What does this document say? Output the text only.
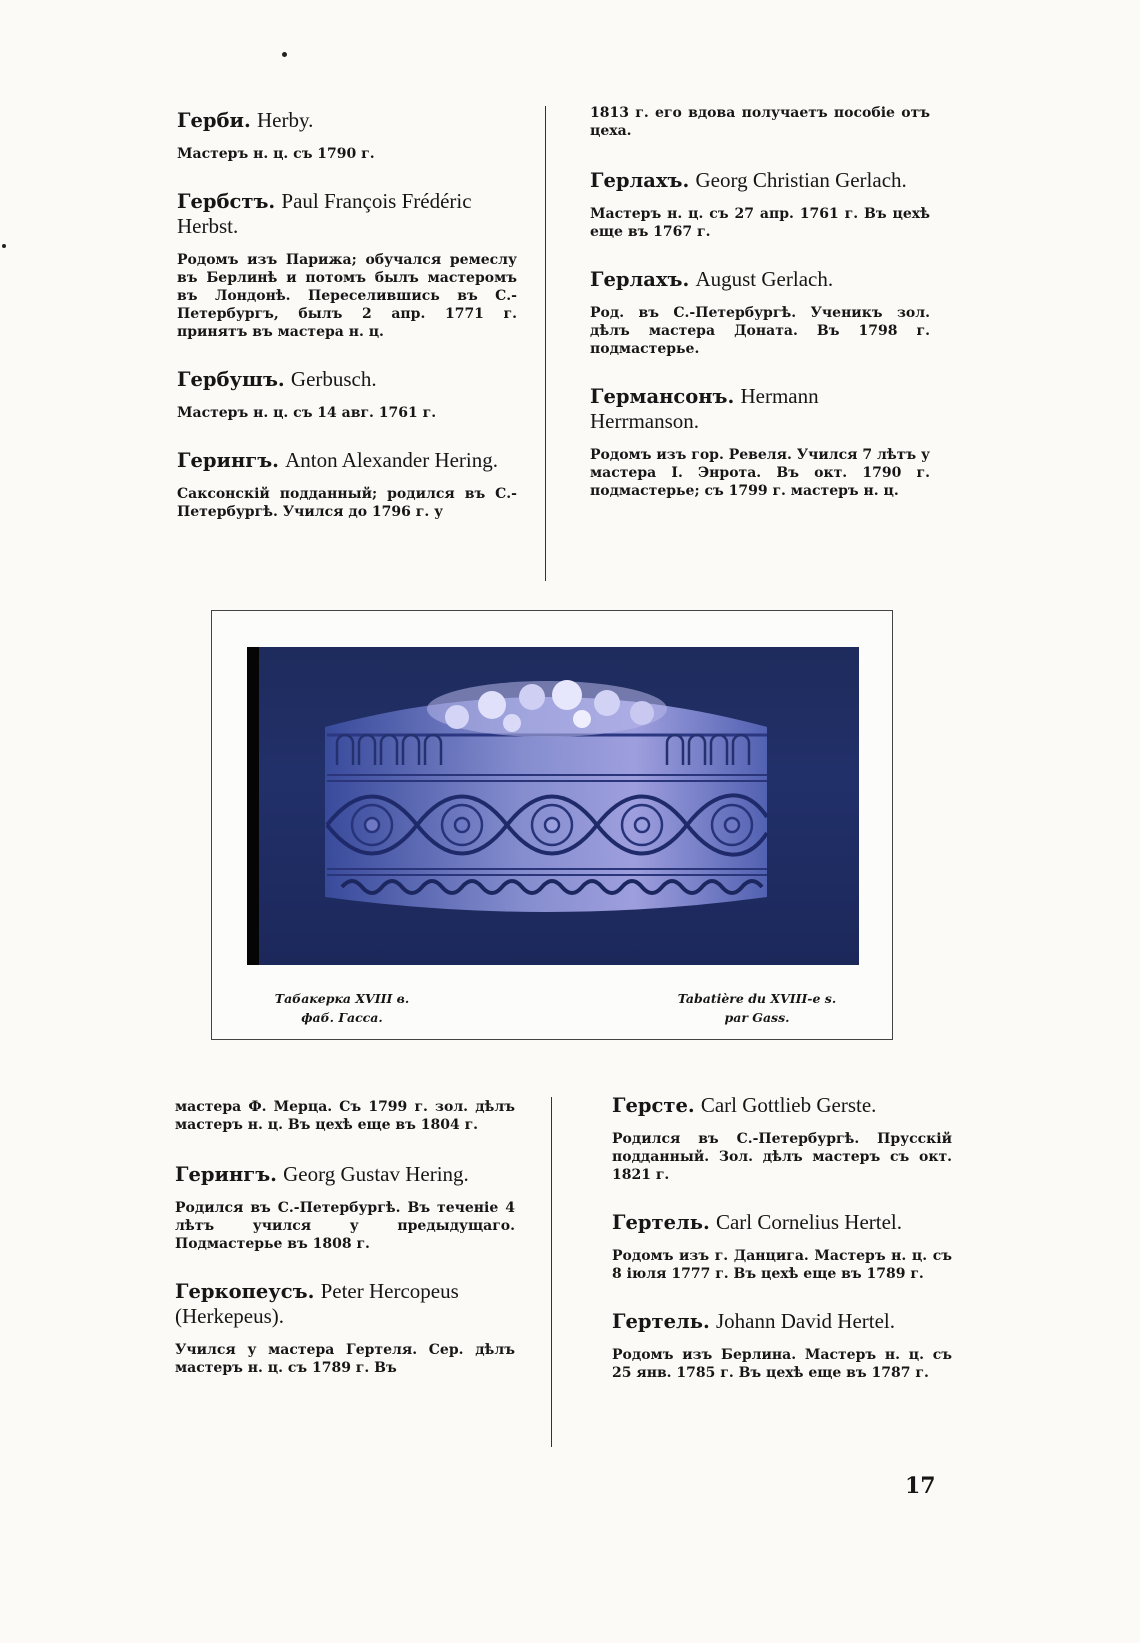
Герби. Herby.

Мастеръ н. ц. съ 1790 г.

Гербстъ. Paul François Frédéric Herbst.

Родомъ изъ Парижа; обучался ремеслу въ Берлинѣ и потомъ былъ мастеромъ въ Лондонѣ. Переселившись въ С.-Петербургъ, былъ 2 апр. 1771 г. принятъ въ мастера н. ц.

Гербушъ. Gerbusch.

Мастеръ н. ц. съ 14 авг. 1761 г.

Герингъ. Anton Alexander Hering.

Саксонскій подданный; родился въ С.-Петербургѣ. Учился до 1796 г. у

1813 г. его вдова получаетъ пособіе отъ цеха.

Герлахъ. Georg Christian Gerlach.

Мастеръ н. ц. съ 27 апр. 1761 г. Въ цехѣ еще въ 1767 г.

Герлахъ. August Gerlach.

Род. въ С.-Петербургѣ. Ученикъ зол. дѣлъ мастера Доната. Въ 1798 г. подмастерье.

Германсонъ. Hermann Herrmanson.

Родомъ изъ гор. Ревеля. Учился 7 лѣтъ у мастера І. Энрота. Въ окт. 1790 г. подмастерье; съ 1799 г. мастеръ н. ц.

Табакерка XVIII в.
фаб. Гасса.
Tabatière du XVIII-e s.
par Gass.

мастера Ф. Мерца. Съ 1799 г. зол. дѣлъ мастеръ н. ц. Въ цехѣ еще въ 1804 г.

Герингъ. Georg Gustav Hering.

Родился въ С.-Петербургѣ. Въ теченіе 4 лѣтъ учился у предыдущаго. Подмастерье въ 1808 г.

Геркопеусъ. Peter Hercopeus (Herkepeus).

Учился у мастера Гертеля. Сер. дѣлъ мастеръ н. ц. съ 1789 г. Въ

Герсте. Carl Gottlieb Gerste.

Родился въ С.-Петербургѣ. Прусскій подданный. Зол. дѣлъ мастеръ съ окт. 1821 г.

Гертель. Carl Cornelius Hertel.

Родомъ изъ г. Данцига. Мастеръ н. ц. съ 8 іюля 1777 г. Въ цехѣ еще въ 1789 г.

Гертель. Johann David Hertel.

Родомъ изъ Берлина. Мастеръ н. ц. съ 25 янв. 1785 г. Въ цехѣ еще въ 1787 г.

17
